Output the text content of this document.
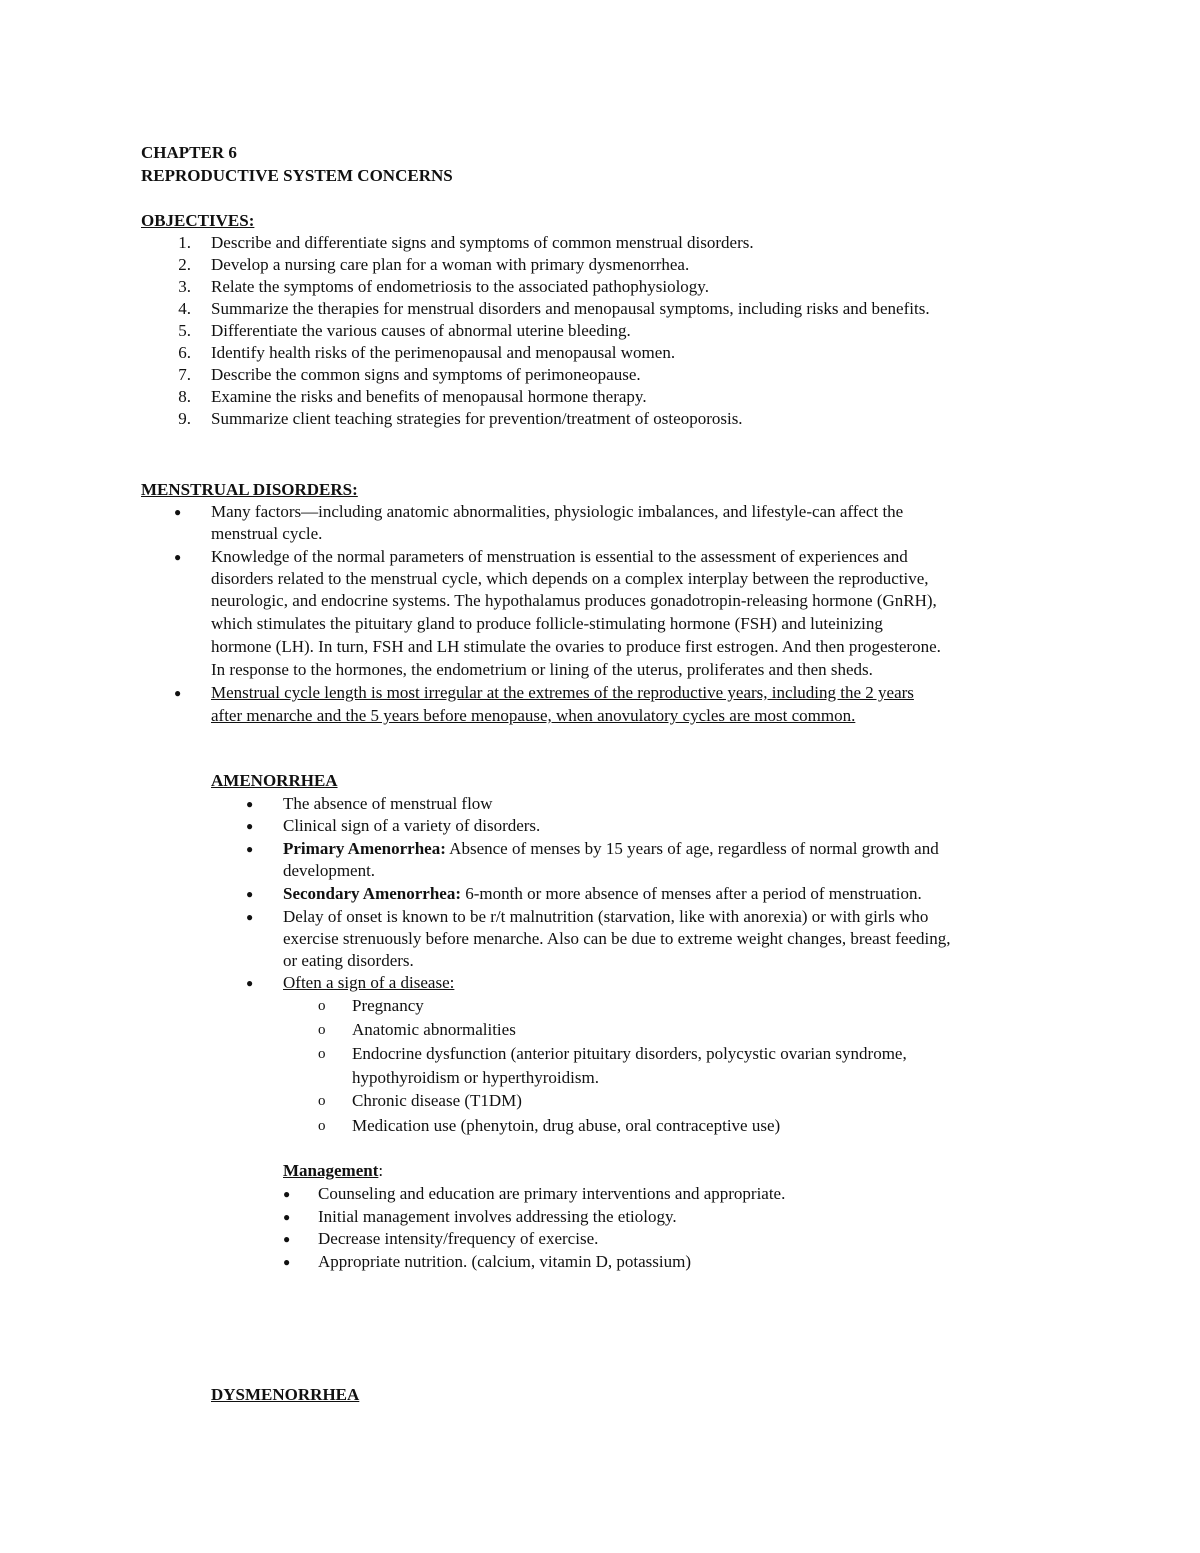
CHAPTER 6
REPRODUCTIVE SYSTEM CONCERNS
OBJECTIVES:
1. Describe and differentiate signs and symptoms of common menstrual disorders.
2. Develop a nursing care plan for a woman with primary dysmenorrhea.
3. Relate the symptoms of endometriosis to the associated pathophysiology.
4. Summarize the therapies for menstrual disorders and menopausal symptoms, including risks and benefits.
5. Differentiate the various causes of abnormal uterine bleeding.
6. Identify health risks of the perimenopausal and menopausal women.
7. Describe the common signs and symptoms of perimoneopause.
8. Examine the risks and benefits of menopausal hormone therapy.
9. Summarize client teaching strategies for prevention/treatment of osteoporosis.
MENSTRUAL DISORDERS:
● Many factors—including anatomic abnormalities, physiologic imbalances, and lifestyle-can affect the
menstrual cycle.
● Knowledge of the normal parameters of menstruation is essential to the assessment of experiences and
disorders related to the menstrual cycle, which depends on a complex interplay between the reproductive,
neurologic, and endocrine systems. The hypothalamus produces gonadotropin-releasing hormone (GnRH),
which stimulates the pituitary gland to produce follicle-stimulating hormone (FSH) and luteinizing
hormone (LH). In turn, FSH and LH stimulate the ovaries to produce first estrogen. And then progesterone.
In response to the hormones, the endometrium or lining of the uterus, proliferates and then sheds.
● Menstrual cycle length is most irregular at the extremes of the reproductive years, including the 2 years
after menarche and the 5 years before menopause, when anovulatory cycles are most common.
AMENORRHEA
● The absence of menstrual flow
● Clinical sign of a variety of disorders.
● Primary Amenorrhea: Absence of menses by 15 years of age, regardless of normal growth and
development.
● Secondary Amenorrhea: 6-month or more absence of menses after a period of menstruation.
● Delay of onset is known to be r/t malnutrition (starvation, like with anorexia) or with girls who
exercise strenuously before menarche. Also can be due to extreme weight changes, breast feeding,
or eating disorders.
● Often a sign of a disease:
o Pregnancy
o Anatomic abnormalities
o Endocrine dysfunction (anterior pituitary disorders, polycystic ovarian syndrome,
hypothyroidism or hyperthyroidism.
o Chronic disease (T1DM)
o Medication use (phenytoin, drug abuse, oral contraceptive use)
Management:
● Counseling and education are primary interventions and appropriate.
● Initial management involves addressing the etiology.
● Decrease intensity/frequency of exercise.
● Appropriate nutrition. (calcium, vitamin D, potassium)
DYSMENORRHEA
